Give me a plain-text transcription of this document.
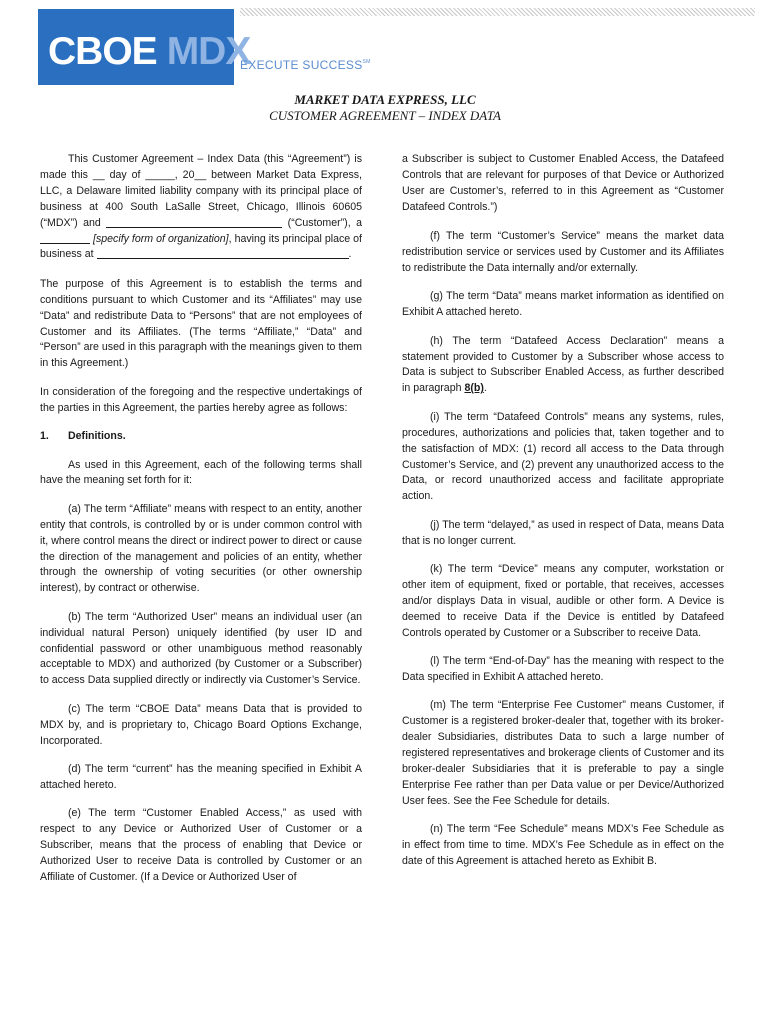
CBOE MDX
EXECUTE SUCCESS℠
MARKET DATA EXPRESS, LLC
CUSTOMER AGREEMENT – INDEX DATA

This Customer Agreement – Index Data (this “Agreement”) is made this __ day of _____, 20__ between Market Data Express, LLC, a Delaware limited liability company with its principal place of business at 400 South LaSalle Street, Chicago, Illinois 60605 (“MDX”) and	(“Customer”), a  [specify form of organization], having its principal place of business at	.

The purpose of this Agreement is to establish the terms and conditions pursuant to which Customer and its “Affiliates” may use “Data” and redistribute Data to “Persons” that are not employees of Customer and its Affiliates. (The terms “Affiliate,” “Data” and “Person” are used in this paragraph with the meanings given to them in this Agreement.)

In consideration of the foregoing and the respective undertakings of the parties in this Agreement, the parties hereby agree as follows:

1. Definitions.

As used in this Agreement, each of the following terms shall have the meaning set forth for it:

(a) The term “Affiliate” means with respect to an entity, another entity that controls, is controlled by or is under common control with it, where control means the direct or indirect power to direct or cause the direction of the management and policies of an entity, whether through the ownership of voting securities (or other ownership interest), by contract or otherwise.

(b) The term “Authorized User” means an individual user (an individual natural Person) uniquely identified (by user ID and confidential password or other unambiguous method reasonably acceptable to MDX) and authorized (by Customer or a Subscriber) to access Data supplied directly or indirectly via Customer’s Service.

(c) The term “CBOE Data” means Data that is provided to MDX by, and is proprietary to, Chicago Board Options Exchange, Incorporated.

(d) The term “current” has the meaning specified in Exhibit A attached hereto.

(e) The term “Customer Enabled Access,” as used with respect to any Device or Authorized User of Customer or a Subscriber, means that the process of enabling that Device or Authorized User to receive Data is controlled by Customer or an Affiliate of Customer. (If a Device or Authorized User of

a Subscriber is subject to Customer Enabled Access, the Datafeed Controls that are relevant for purposes of that Device or Authorized User are Customer’s, referred to in this Agreement as “Customer Datafeed Controls.”)

(f) The term “Customer’s Service” means the market data redistribution service or services used by Customer and its Affiliates to redistribute the Data internally and/or externally.

(g) The term “Data” means market information as identified on Exhibit A attached hereto.

(h) The term “Datafeed Access Declaration” means a statement provided to Customer by a Subscriber whose access to Data is subject to Subscriber Enabled Access, as further described in paragraph 8(b).

(i) The term “Datafeed Controls” means any systems, rules, procedures, authorizations and policies that, taken together and to the satisfaction of MDX: (1) record all access to the Data through Customer’s Service, and (2) prevent any unauthorized access to the Data, or record unauthorized access and facilitate appropriate action.

(j) The term “delayed,” as used in respect of Data, means Data that is no longer current.

(k) The term “Device” means any computer, workstation or other item of equipment, fixed or portable, that receives, accesses and/or displays Data in visual, audible or other form. A Device is deemed to receive Data if the Device is entitled by Datafeed Controls operated by Customer or a Subscriber to receive Data.

(l) The term “End-of-Day” has the meaning with respect to the Data specified in Exhibit A attached hereto.

(m) The term “Enterprise Fee Customer” means Customer, if Customer is a registered broker-dealer that, together with its broker-dealer Subsidiaries, distributes Data to such a large number of registered representatives and brokerage clients of Customer and its broker-dealer Subsidiaries that it is preferable to pay a single Enterprise Fee rather than per Data value or per Device/Authorized User fees. See the Fee Schedule for details.

(n) The term “Fee Schedule” means MDX’s Fee Schedule as in effect from time to time. MDX’s Fee Schedule as in effect on the date of this Agreement is attached hereto as Exhibit B.
